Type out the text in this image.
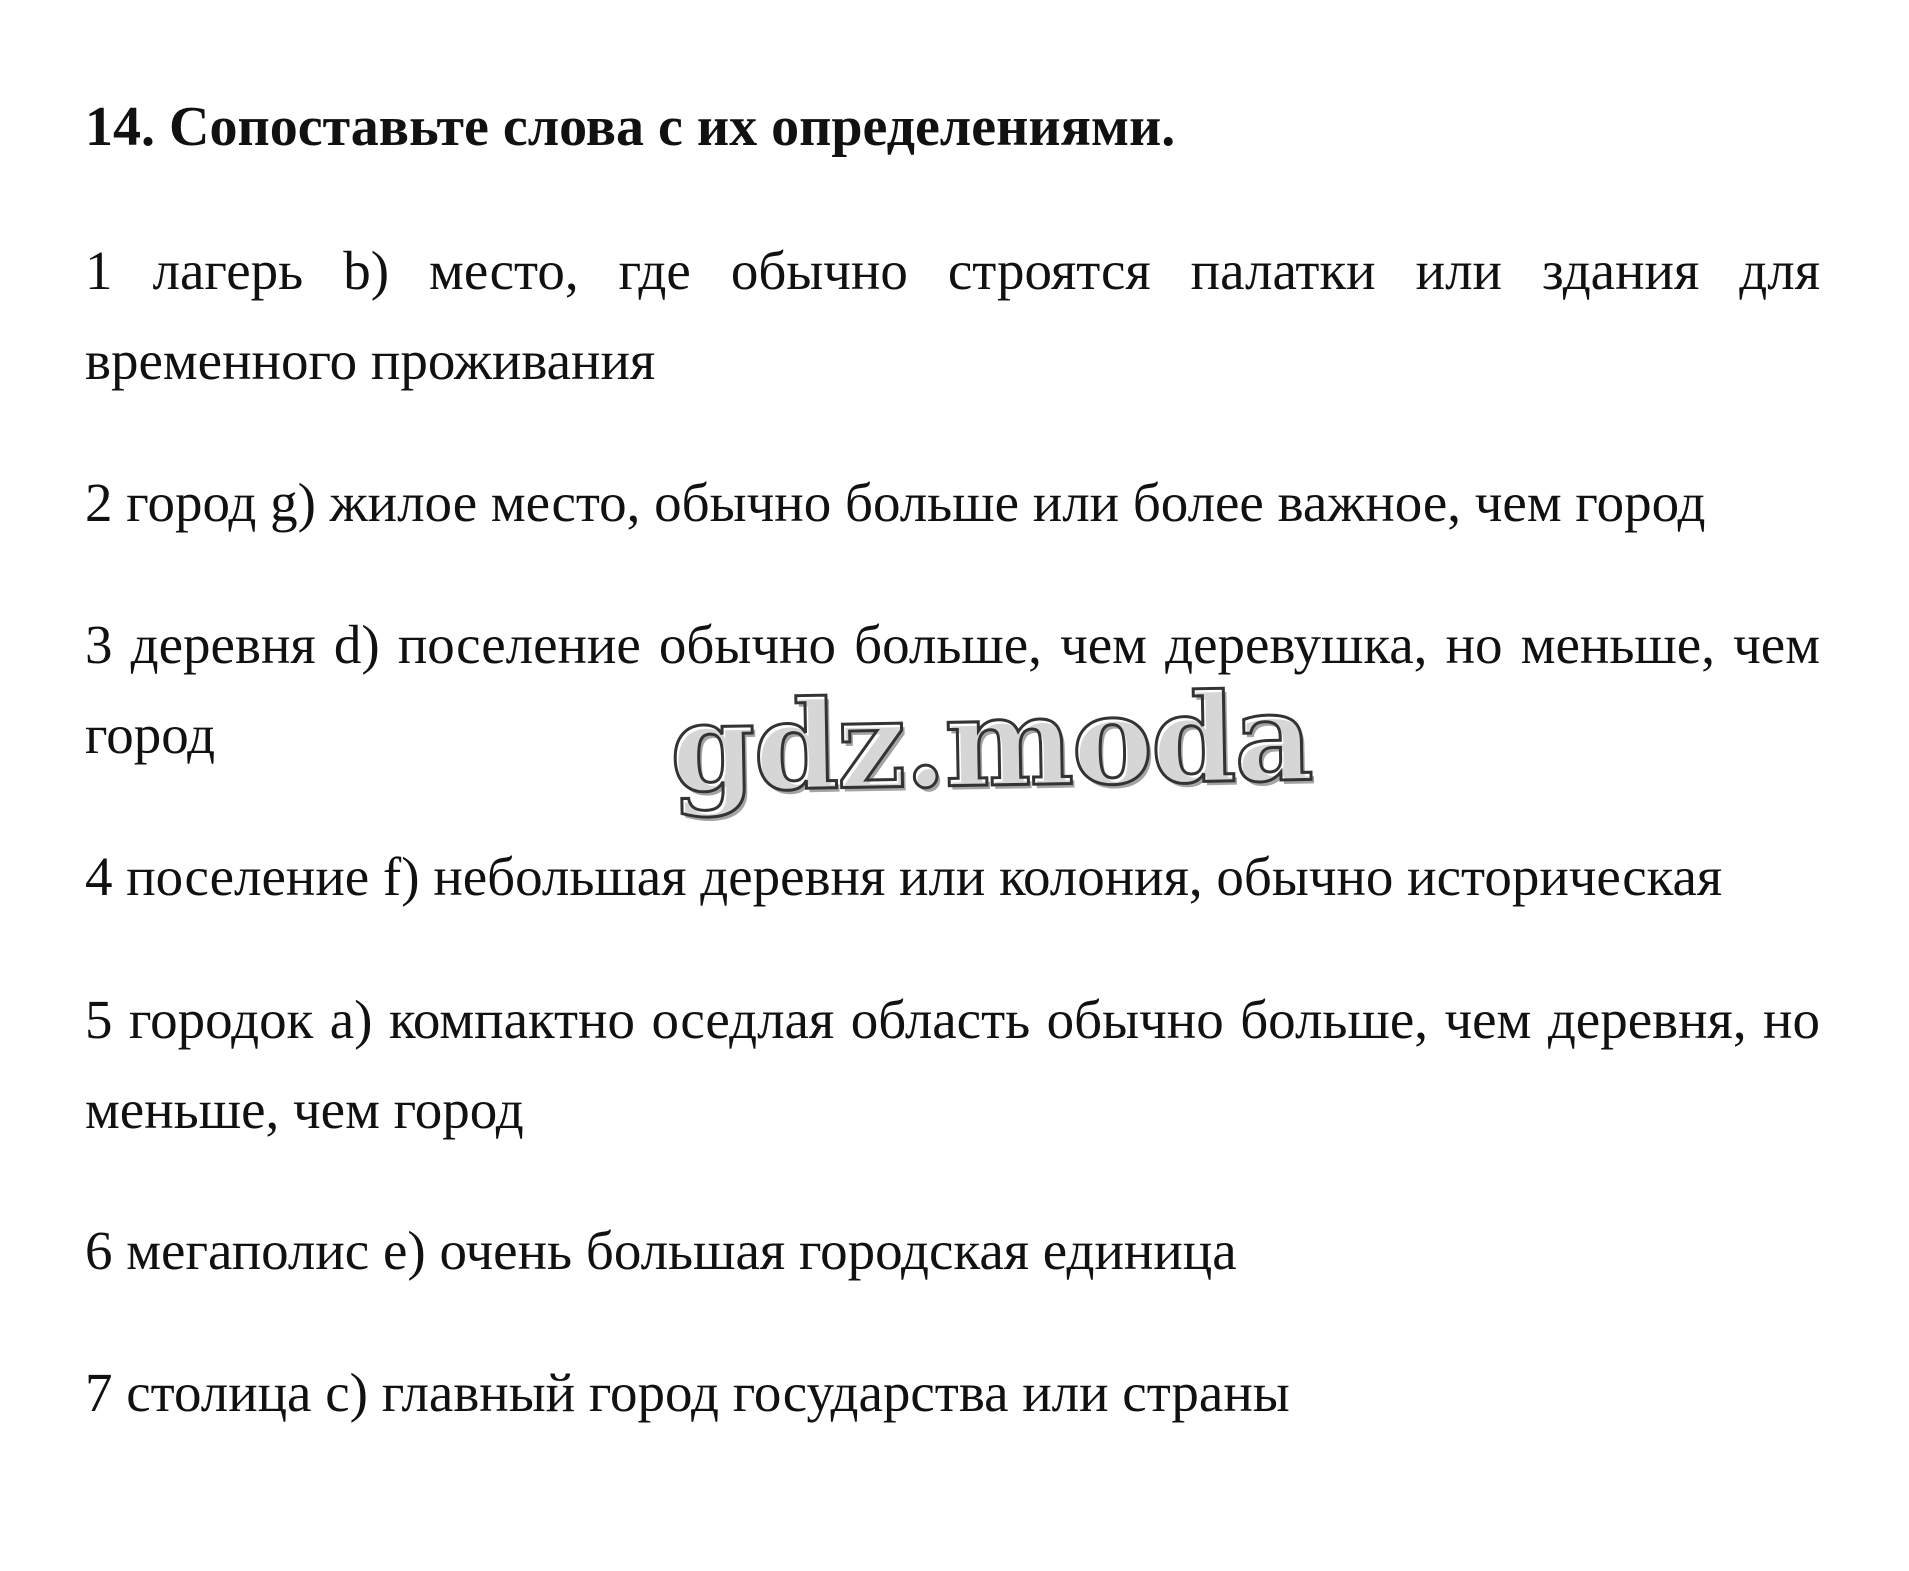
14. Сопоставьте слова с их определениями.

1 лагерь b) место, где обычно строятся палатки или здания для временного проживания

2 город g) жилое место, обычно больше или более важное, чем город

3 деревня d) поселение обычно больше, чем деревушка, но меньше, чем город

4 поселение f) небольшая деревня или колония, обычно историческая

5 городок a) компактно оседлая область обычно больше, чем деревня, но меньше, чем город

6 мегаполис e) очень большая городская единица

7 столица c) главный город государства или страны

gdz.moda
